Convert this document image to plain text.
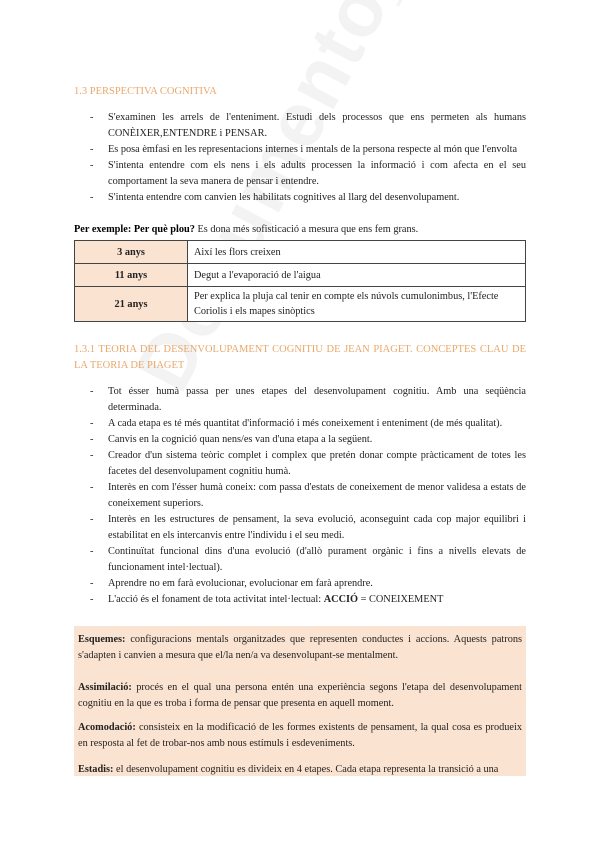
1.3 PERSPECTIVA COGNITIVA
- S'examinen les arrels de l'enteniment. Estudi dels processos que ens permeten als humans CONÈIXER,ENTENDRE i PENSAR.
- Es posa èmfasi en les representacions internes i mentals de la persona respecte al món que l'envolta
- S'intenta entendre com els nens i els adults processen la informació i com afecta en el seu comportament la seva manera de pensar i entendre.
- S'intenta entendre com canvien les habilitats cognitives al llarg del desenvolupament.
Per exemple: Per què plou? Es dona més sofisticació a mesura que ens fem grans.
3 anys	Així les flors creixen
11 anys	Degut a l'evaporació de l'aigua
21 anys	Per explica la pluja cal tenir en compte els núvols cumulonimbus, l'Efecte Coriolis i els mapes sinòptics
1.3.1 TEORIA DEL DESENVOLUPAMENT COGNITIU DE JEAN PIAGET. CONCEPTES CLAU DE LA TEORIA DE PIAGET
- Tot ésser humà passa per unes etapes del desenvolupament cognitiu. Amb una seqüència determinada.
- A cada etapa es té més quantitat d'informació i més coneixement i enteniment (de més qualitat).
- Canvis en la cognició quan nens/es van d'una etapa a la següent.
- Creador d'un sistema teòric complet i complex que pretén donar compte pràcticament de totes les facetes del desenvolupament cognitiu humà.
- Interès en com l'ésser humà coneix: com passa d'estats de coneixement de menor validesa a estats de coneixement superiors.
- Interès en les estructures de pensament, la seva evolució, aconseguint cada cop major equilibri i estabilitat en els intercanvis entre l'individu i el seu medi.
- Continuïtat funcional dins d'una evolució (d'allò purament orgànic i fins a nivells elevats de funcionament intel·lectual).
- Aprendre no em farà evolucionar, evolucionar em farà aprendre.
- L'acció és el fonament de tota activitat intel·lectual: ACCIÓ = CONEIXEMENT

Esquemes: configuracions mentals organitzades que representen conductes i accions. Aquests patrons s'adapten i canvien a mesura que el/la nen/a va desenvolupant-se mentalment.

Assimilació: procés en el qual una persona entén una experiència segons l'etapa del desenvolupament cognitiu en la que es troba i forma de pensar que presenta en aquell moment.

Acomodació: consisteix en la modificació de les formes existents de pensament, la qual cosa es produeix en resposta al fet de trobar-nos amb nous estímuls i esdeveniments.

Estadis: el desenvolupament cognitiu es divideix en 4 etapes. Cada etapa representa la transició a una
